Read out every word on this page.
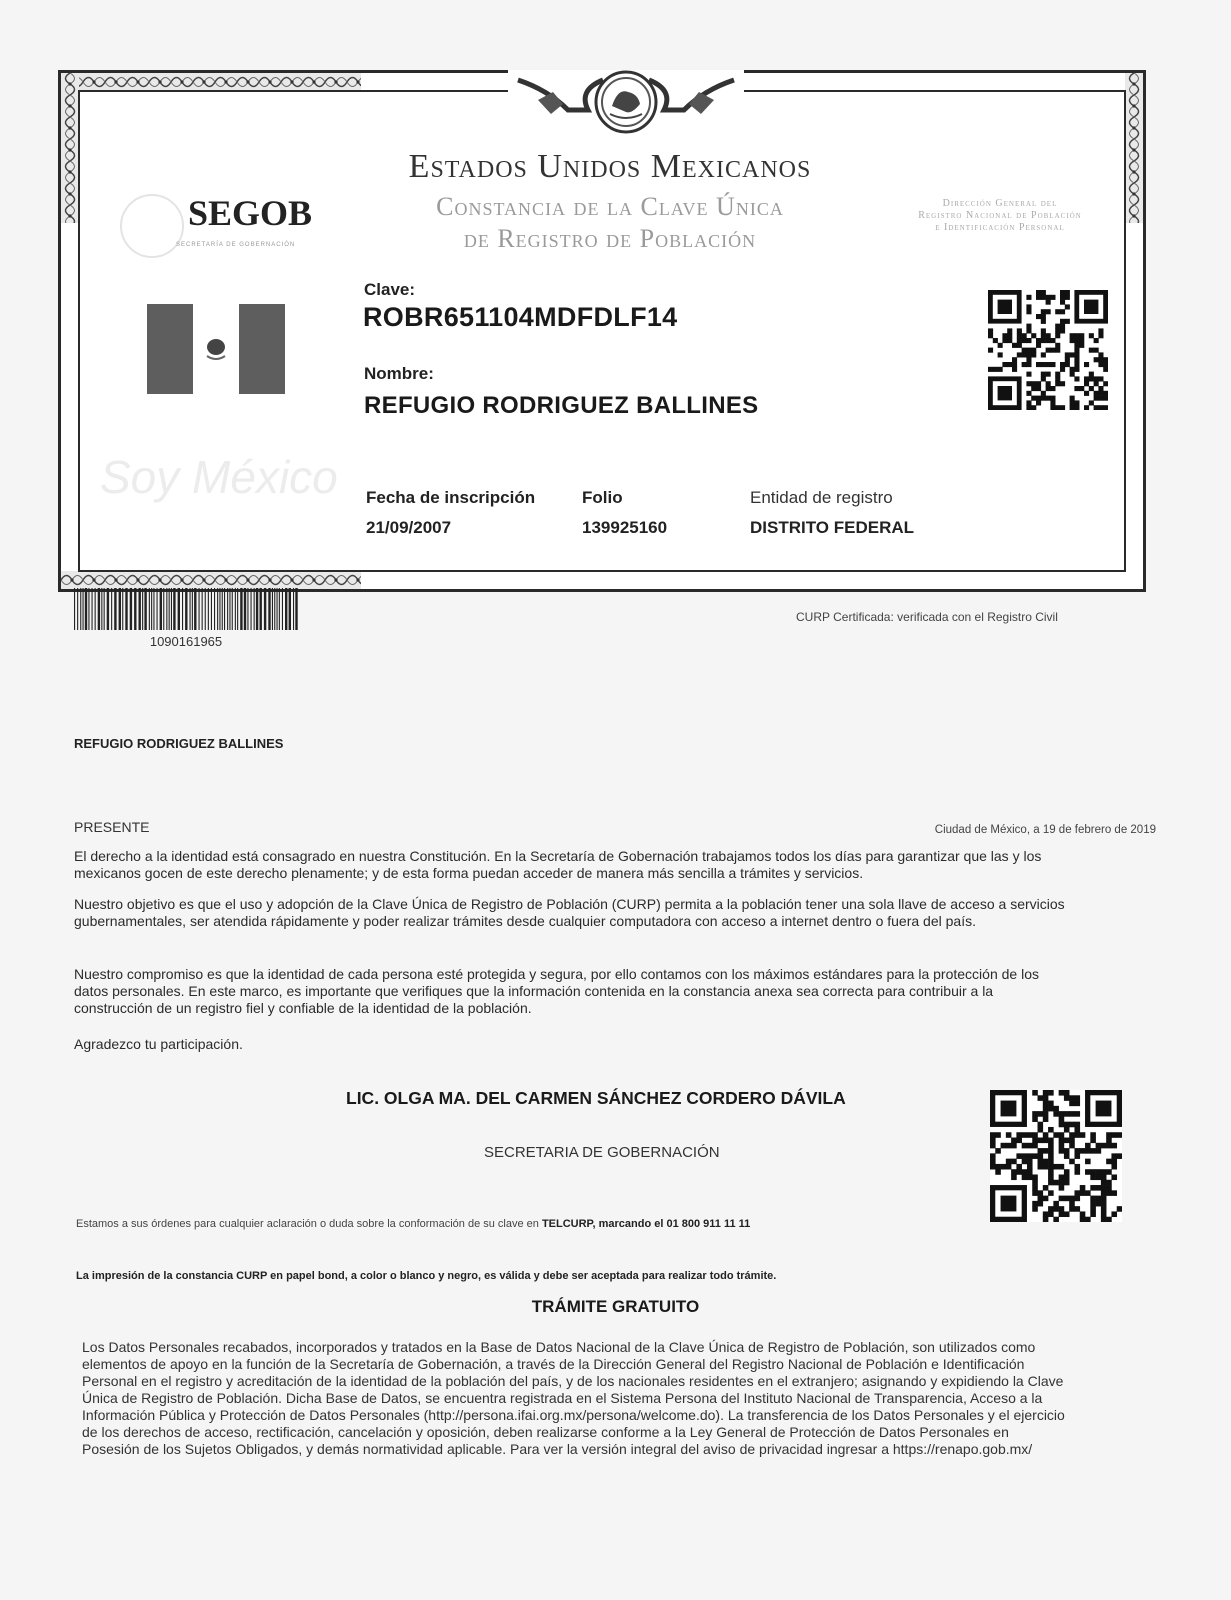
SEGOB
SECRETARÍA DE GOBERNACIÓN
Soy México
Estados Unidos Mexicanos
Constancia de la Clave Única
de Registro de Población
Dirección General del
Registro Nacional de Población
e Identificación Personal
Clave:
ROBR651104MDFDLF14
Nombre:
REFUGIO RODRIGUEZ BALLINES
Fecha de inscripción
21/09/2007
Folio
139925160
Entidad de registro
DISTRITO FEDERAL
1090161965
CURP Certificada: verificada con el Registro Civil
REFUGIO RODRIGUEZ BALLINES
PRESENTE	Ciudad de México, a 19 de febrero de 2019
El derecho a la identidad está consagrado en nuestra Constitución. En la Secretaría de Gobernación trabajamos todos los días para garantizar que las y los
mexicanos gocen de este derecho plenamente; y de esta forma puedan acceder de manera más sencilla a trámites y servicios.
Nuestro objetivo es que el uso y adopción de la Clave Única de Registro de Población (CURP) permita a la población tener una sola llave de acceso a servicios
gubernamentales, ser atendida rápidamente y poder realizar trámites desde cualquier computadora con acceso a internet dentro o fuera del país.
Nuestro compromiso es que la identidad de cada persona esté protegida y segura, por ello contamos con los máximos estándares para la protección de los
datos personales. En este marco, es importante que verifiques que la información contenida en la constancia anexa sea correcta para contribuir a la
construcción de un registro fiel y confiable de la identidad de la población.
Agradezco tu participación.
LIC. OLGA MA. DEL CARMEN SÁNCHEZ CORDERO DÁVILA
SECRETARIA DE GOBERNACIÓN
Estamos a sus órdenes para cualquier aclaración o duda sobre la conformación de su clave en TELCURP, marcando el 01 800 911 11 11
La impresión de la constancia CURP en papel bond, a color o blanco y negro, es válida y debe ser aceptada para realizar todo trámite.
TRÁMITE GRATUITO
Los Datos Personales recabados, incorporados y tratados en la Base de Datos Nacional de la Clave Única de Registro de Población, son utilizados como
elementos de apoyo en la función de la Secretaría de Gobernación, a través de la Dirección General del Registro Nacional de Población e Identificación
Personal en el registro y acreditación de la identidad de la población del país, y de los nacionales residentes en el extranjero; asignando y expidiendo la Clave
Única de Registro de Población. Dicha Base de Datos, se encuentra registrada en el Sistema Persona del Instituto Nacional de Transparencia, Acceso a la
Información Pública y Protección de Datos Personales (http://persona.ifai.org.mx/persona/welcome.do). La transferencia de los Datos Personales y el ejercicio
de los derechos de acceso, rectificación, cancelación y oposición, deben realizarse conforme a la Ley General de Protección de Datos Personales en
Posesión de los Sujetos Obligados, y demás normatividad aplicable. Para ver la versión integral del aviso de privacidad ingresar a https://renapo.gob.mx/
